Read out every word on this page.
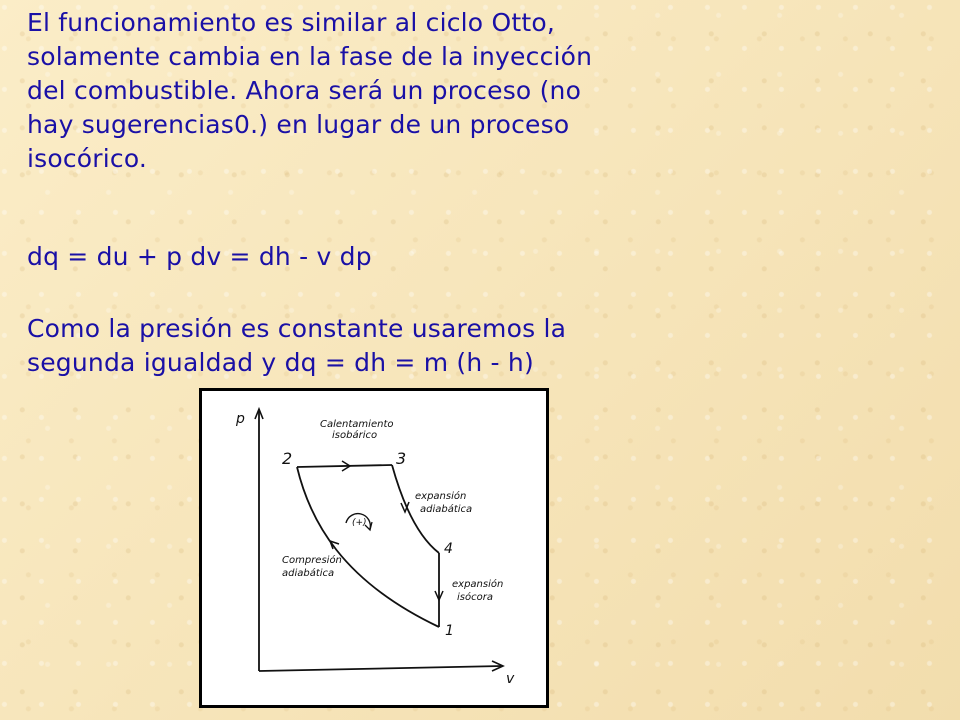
El funcionamiento es similar al ciclo Otto,
solamente cambia en la fase de la inyección
del combustible. Ahora será un proceso (no
hay sugerencias0.) en lugar de un proceso
isocórico.

dq = du + p dv = dh - v dp

Como la presión es constante usaremos la
segunda igualdad y dq = dh = m (h - h)

p
v
(+)
2	3
4
1
Calentamiento
isobárico
expansión
adiabática
Compresión
adiabática
expansión
isócora
